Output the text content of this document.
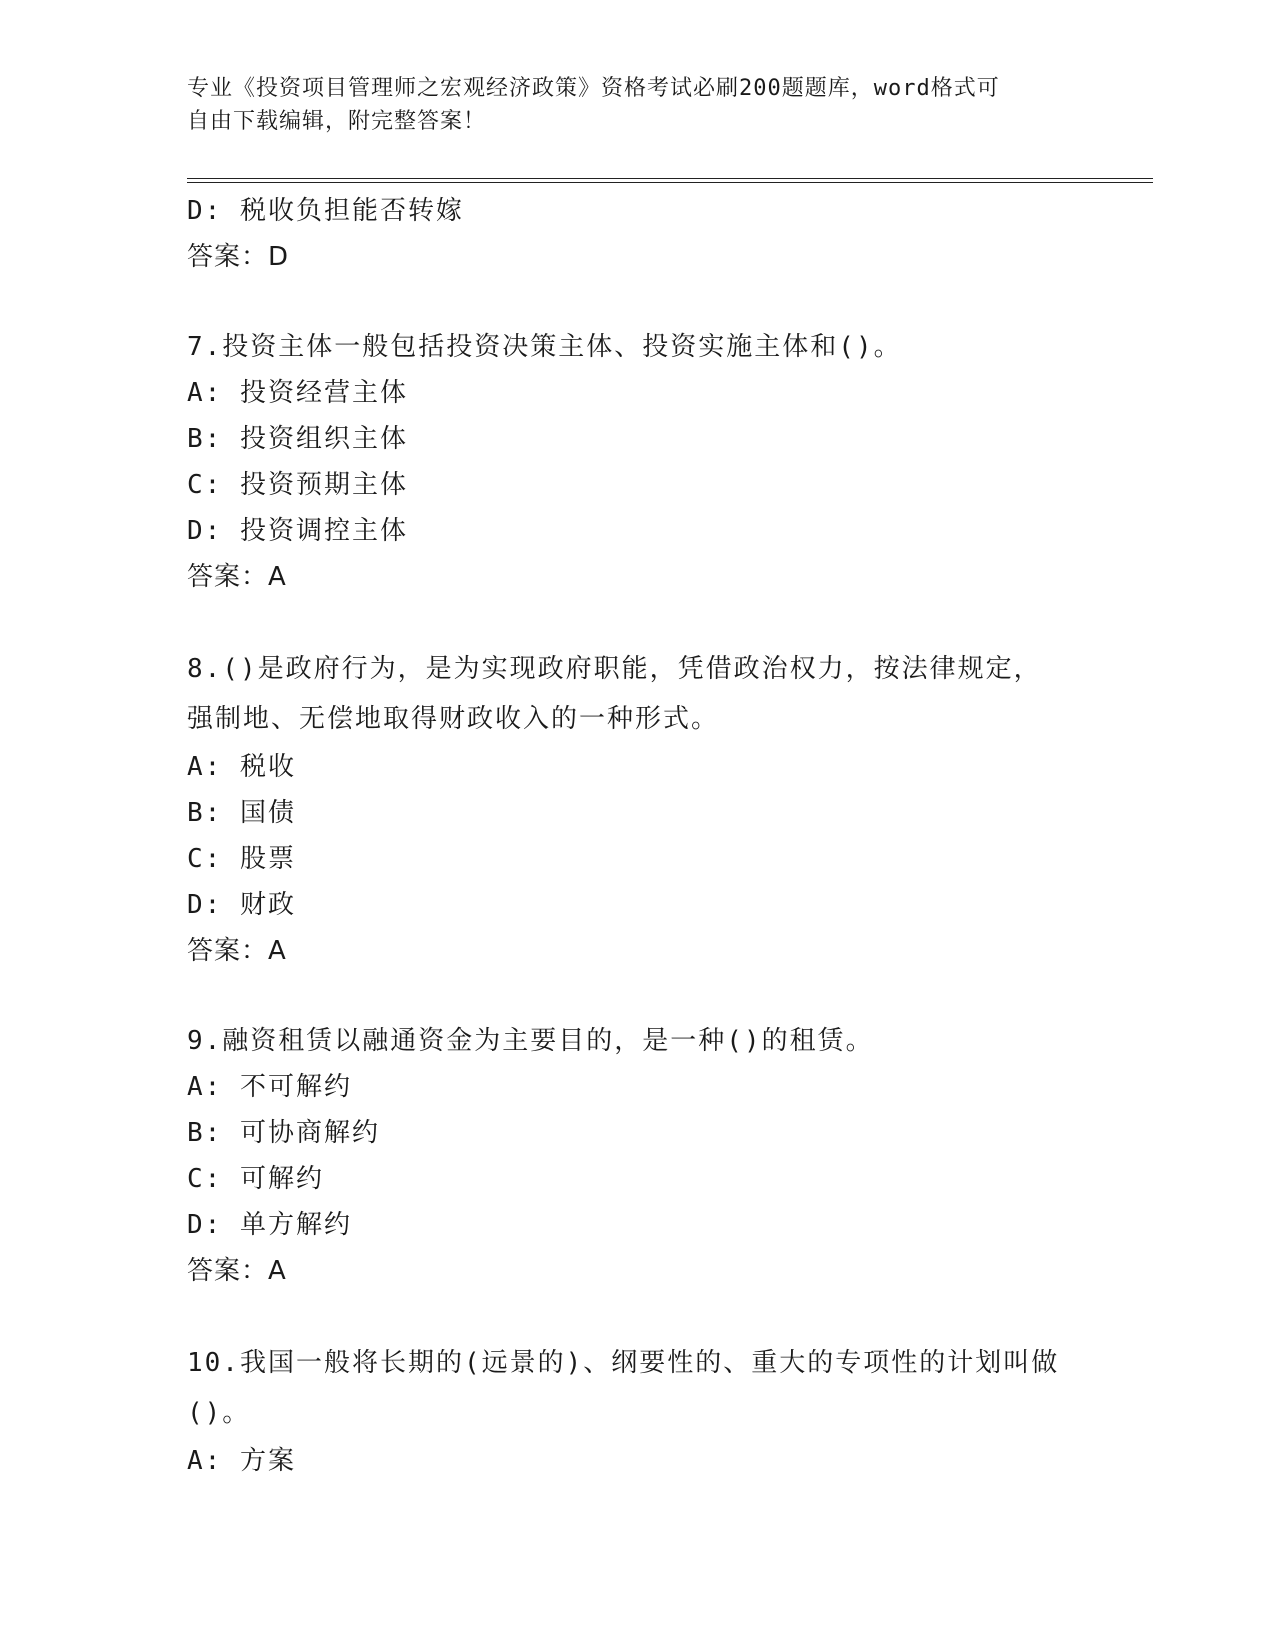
专业《投资项目管理师之宏观经济政策》资格考试必刷200题题库，word格式可
自由下载编辑，附完整答案！

D: 税收负担能否转嫁

答案：D

7.投资主体一般包括投资决策主体、投资实施主体和()。

A: 投资经营主体

B: 投资组织主体

C: 投资预期主体

D: 投资调控主体

答案：A

8.()是政府行为，是为实现政府职能，凭借政治权力，按法律规定，

强制地、无偿地取得财政收入的一种形式。

A: 税收

B: 国债

C: 股票

D: 财政

答案：A

9.融资租赁以融通资金为主要目的，是一种()的租赁。

A: 不可解约

B: 可协商解约

C: 可解约

D: 单方解约

答案：A

10.我国一般将长期的(远景的)、纲要性的、重大的专项性的计划叫做

()。

A: 方案
